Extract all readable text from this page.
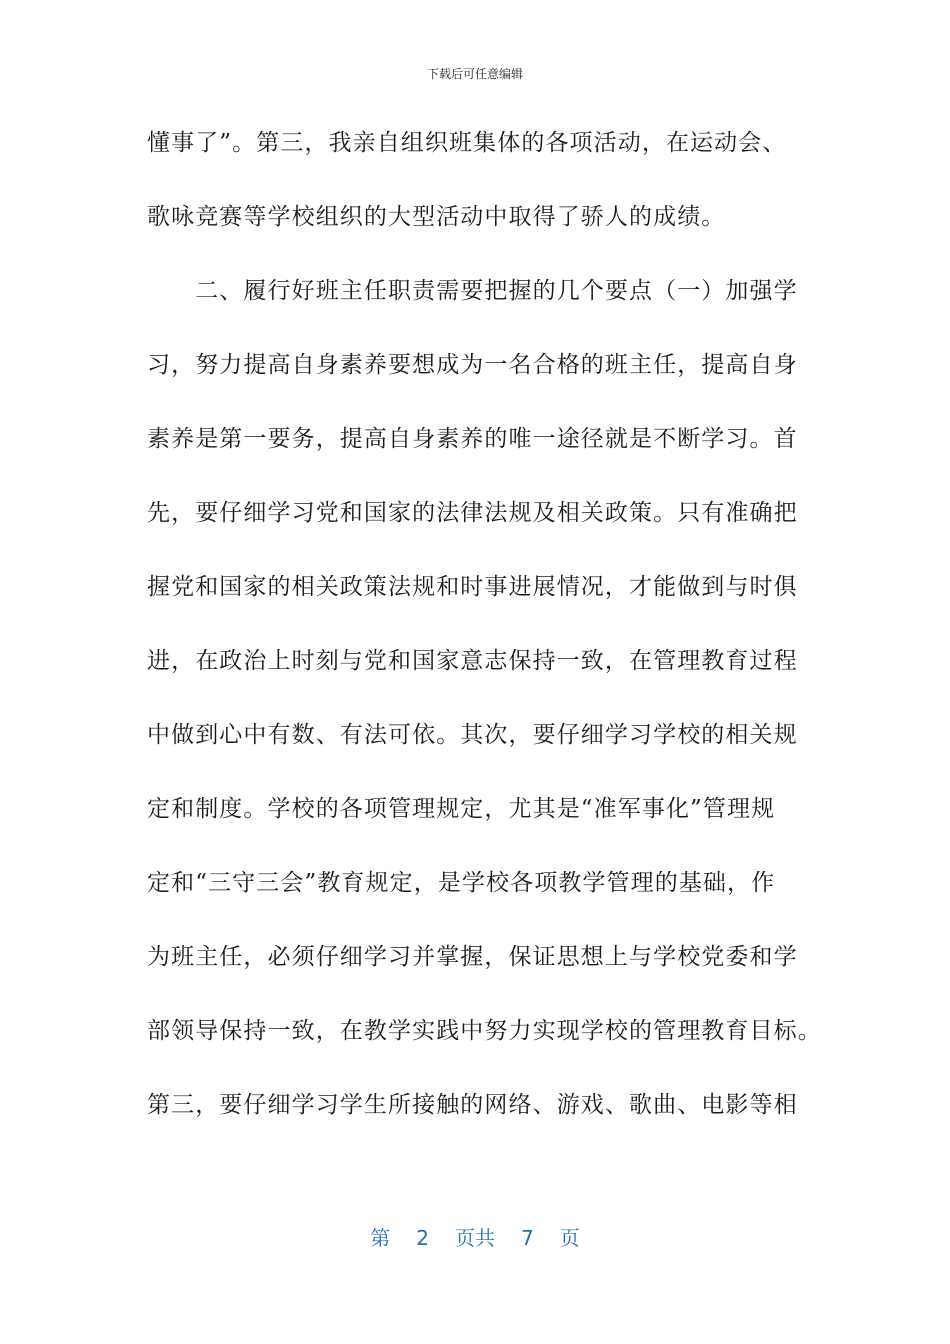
下载后可任意编辑
懂事了”。第三，我亲自组织班集体的各项活动，在运动会、
歌咏竞赛等学校组织的大型活动中取得了骄人的成绩。
　　二、履行好班主任职责需要把握的几个要点（一）加强学
习，努力提高自身素养要想成为一名合格的班主任，提高自身
素养是第一要务，提高自身素养的唯一途径就是不断学习。首
先，要仔细学习党和国家的法律法规及相关政策。只有准确把
握党和国家的相关政策法规和时事进展情况，才能做到与时俱
进，在政治上时刻与党和国家意志保持一致，在管理教育过程
中做到心中有数、有法可依。其次，要仔细学习学校的相关规
定和制度。学校的各项管理规定，尤其是“准军事化”管理规
定和“三守三会”教育规定，是学校各项教学管理的基础，作
为班主任，必须仔细学习并掌握，保证思想上与学校党委和学
部领导保持一致，在教学实践中努力实现学校的管理教育目标。
第三，要仔细学习学生所接触的网络、游戏、歌曲、电影等相
第 2 页共 7 页
